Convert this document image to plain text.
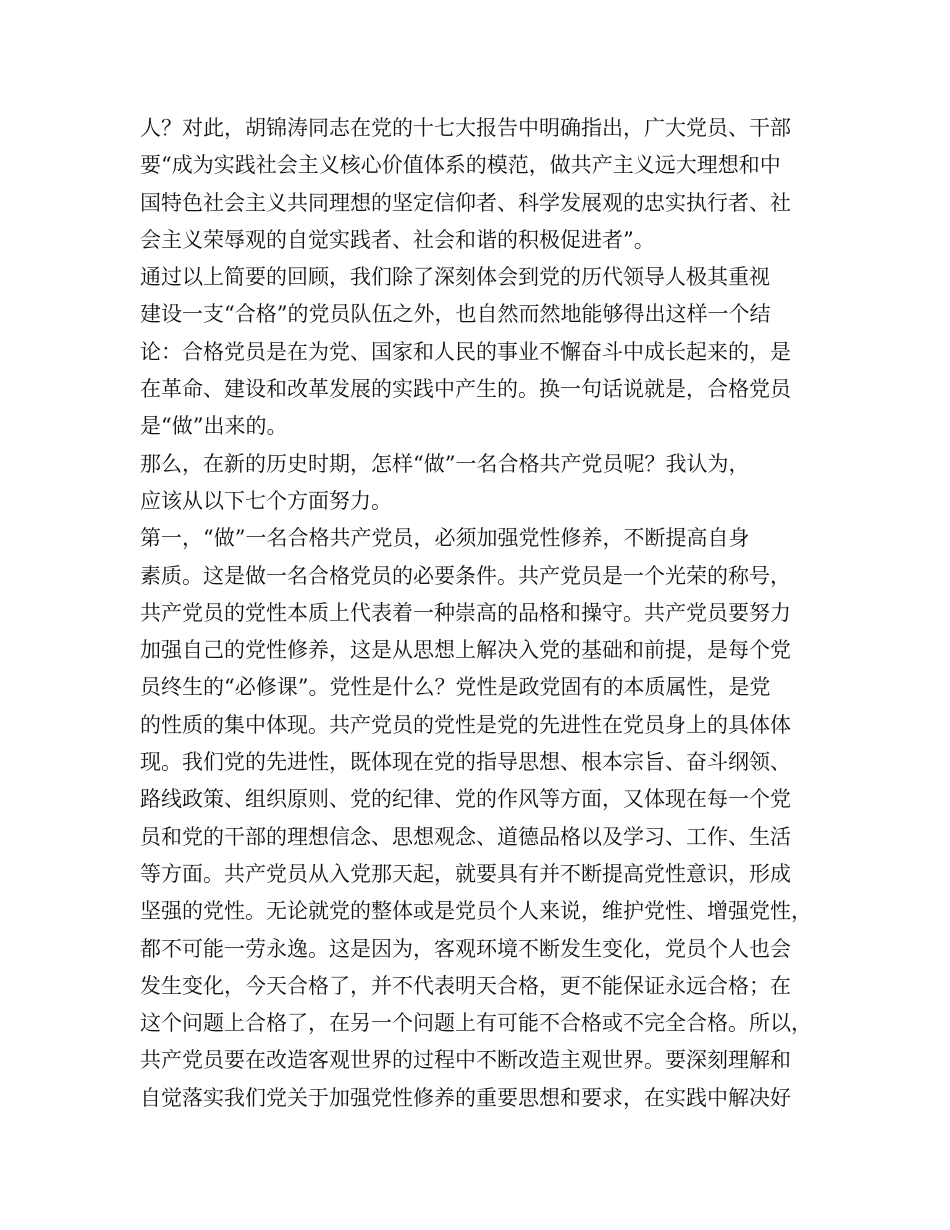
人？对此，胡锦涛同志在党的十七大报告中明确指出，广大党员、干部
要“成为实践社会主义核心价值体系的模范，做共产主义远大理想和中
国特色社会主义共同理想的坚定信仰者、科学发展观的忠实执行者、社
会主义荣辱观的自觉实践者、社会和谐的积极促进者”。
通过以上简要的回顾，我们除了深刻体会到党的历代领导人极其重视
建设一支“合格”的党员队伍之外，也自然而然地能够得出这样一个结
论：合格党员是在为党、国家和人民的事业不懈奋斗中成长起来的，是
在革命、建设和改革发展的实践中产生的。换一句话说就是，合格党员
是“做”出来的。
那么，在新的历史时期，怎样“做”一名合格共产党员呢？我认为，
应该从以下七个方面努力。
第一，“做”一名合格共产党员，必须加强党性修养，不断提高自身
素质。这是做一名合格党员的必要条件。共产党员是一个光荣的称号，
共产党员的党性本质上代表着一种崇高的品格和操守。共产党员要努力
加强自己的党性修养，这是从思想上解决入党的基础和前提，是每个党
员终生的“必修课”。党性是什么？党性是政党固有的本质属性，是党
的性质的集中体现。共产党员的党性是党的先进性在党员身上的具体体
现。我们党的先进性，既体现在党的指导思想、根本宗旨、奋斗纲领、
路线政策、组织原则、党的纪律、党的作风等方面，又体现在每一个党
员和党的干部的理想信念、思想观念、道德品格以及学习、工作、生活
等方面。共产党员从入党那天起，就要具有并不断提高党性意识，形成
坚强的党性。无论就党的整体或是党员个人来说，维护党性、增强党性，
都不可能一劳永逸。这是因为，客观环境不断发生变化，党员个人也会
发生变化，今天合格了，并不代表明天合格，更不能保证永远合格；在
这个问题上合格了，在另一个问题上有可能不合格或不完全合格。所以，
共产党员要在改造客观世界的过程中不断改造主观世界。要深刻理解和
自觉落实我们党关于加强党性修养的重要思想和要求，在实践中解决好
